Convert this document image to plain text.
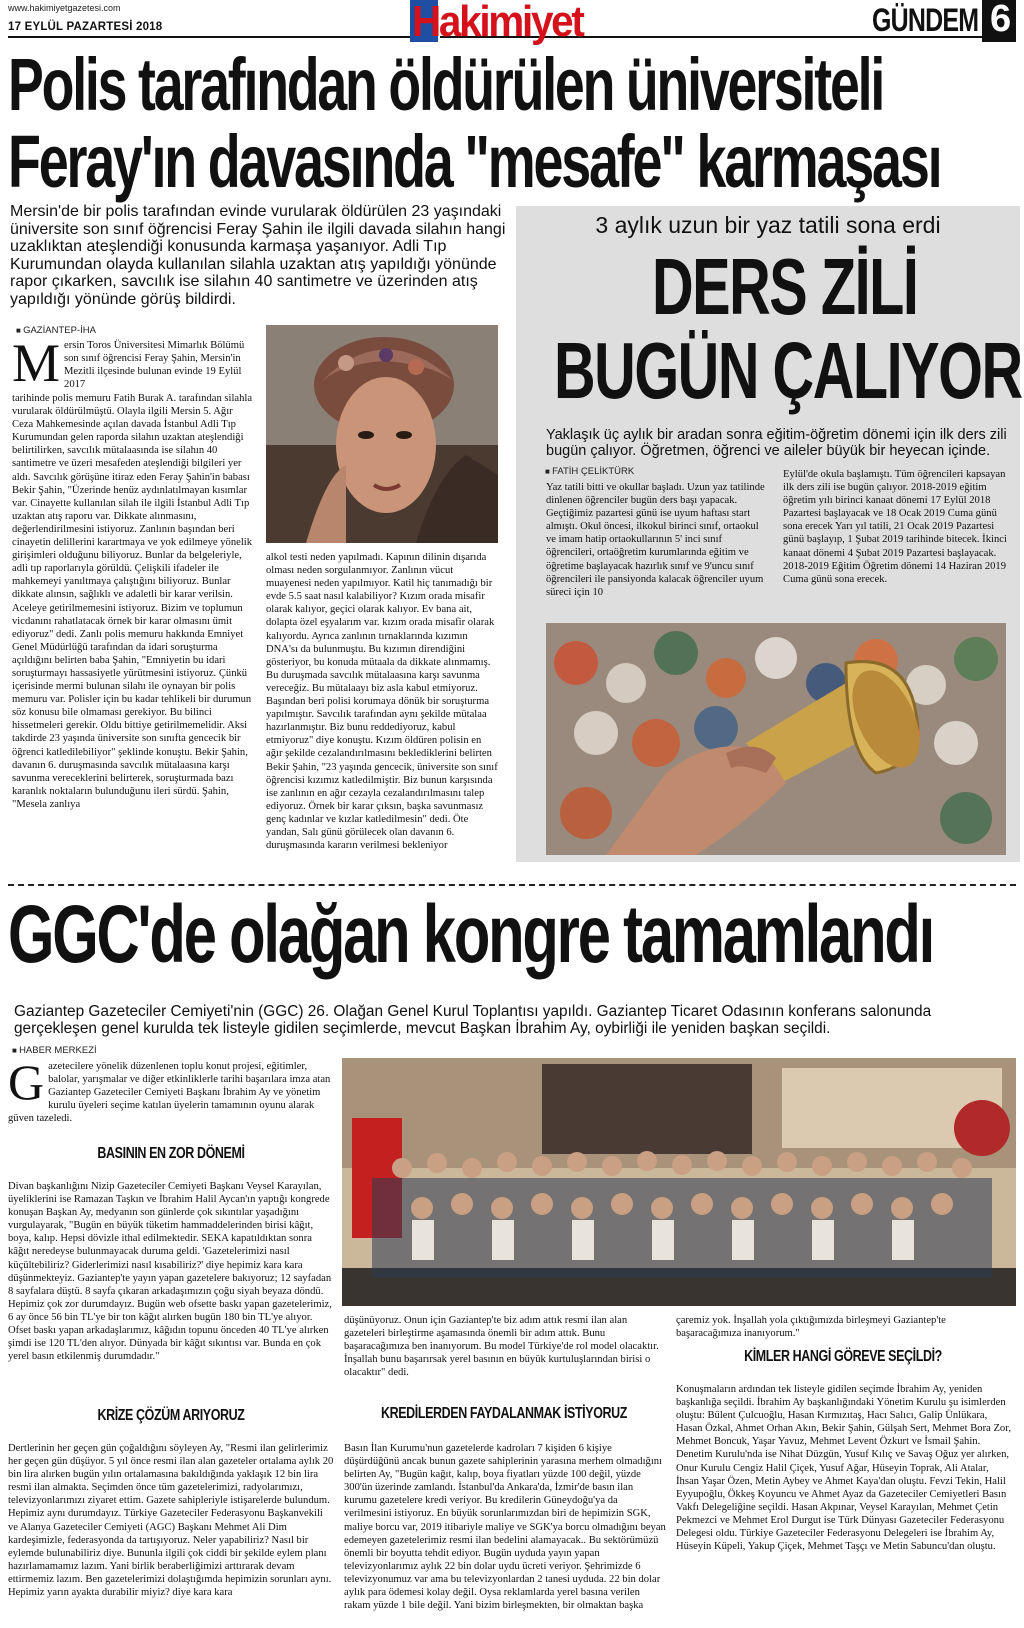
www.hakimiyetgazetesi.com
17 EYLÜL PAZARTESİ 2018	Hakimiyet	GÜNDEM 6
Polis tarafından öldürülen üniversiteli
Feray'ın davasında "mesafe" karmaşası
Mersin'de bir polis tarafından evinde vurularak öldürülen 23 yaşındaki üniversite son sınıf öğrencisi Feray Şahin ile ilgili davada silahın hangi uzaklıktan ateşlendiği konusunda karmaşa yaşanıyor. Adli Tıp Kurumundan olayda kullanılan silahla uzaktan atış yapıldığı yönünde rapor çıkarken, savcılık ise silahın 40 santimetre ve üzerinden atış yapıldığı yönünde görüş bildirdi.
■ GAZİANTEP-İHA
M ersin Toros Üniversitesi Mimarlık Bölümü son sınıf öğrencisi Feray Şahin, Mersin'in Mezitli ilçesinde bulunan evinde 19 Eylül 2017
tarihinde polis memuru Fatih Burak A. tarafından silahla vurularak öldürülmüştü. Olayla ilgili Mersin 5. Ağır Ceza Mahkemesinde açılan davada İstanbul Adli Tıp Kurumundan gelen raporda silahın uzaktan ateşlendiği belirtilirken, savcılık mütalaasında ise silahın 40 santimetre ve üzeri mesafeden ateşlendiği bilgileri yer aldı. Savcılık görüşüne itiraz eden Feray Şahin'in babası Bekir Şahin, "Üzerinde henüz aydınlatılmayan kısımlar var. Cinayette kullanılan silah ile ilgili İstanbul Adli Tıp uzaktan atış raporu var. Dikkate alınmasını, değerlendirilmesini istiyoruz. Zanlının başından beri cinayetin delillerini karartmaya ve yok edilmeye yönelik girişimleri olduğunu biliyoruz. Bunlar da belgeleriyle, adli tıp raporlarıyla görüldü. Çelişkili ifadeler ile mahkemeyi yanıltmaya çalıştığını biliyoruz. Bunlar dikkate alınsın, sağlıklı ve adaletli bir karar verilsin. Aceleye getirilmemesini istiyoruz. Bizim ve toplumun vicdanını rahatlatacak örnek bir karar olmasını ümit ediyoruz" dedi. Zanlı polis memuru hakkında Emniyet Genel Müdürlüğü tarafından da idari soruşturma açıldığını belirten baba Şahin, "Emniyetin bu idari soruşturmayı hassasiyetle yürütmesini istiyoruz. Çünkü içerisinde mermi bulunan silahı ile oynayan bir polis memuru var. Polisler için bu kadar tehlikeli bir durumun söz konusu bile olmaması gerekiyor. Bu bilinci hissetmeleri gerekir. Oldu bittiye getirilmemelidir. Aksi takdirde 23 yaşında üniversite son sınıfta gencecik bir öğrenci katledilebiliyor" şeklinde konuştu. Bekir Şahin, davanın 6. duruşmasında savcılık mütalaasına karşı savunma vereceklerini belirterek, soruşturmada bazı karanlık noktaların bulunduğunu ileri sürdü. Şahin, "Mesela zanlıya
alkol testi neden yapılmadı. Kapının dilinin dışarıda olması neden sorgulanmıyor. Zanlının vücut muayenesi neden yapılmıyor. Katil hiç tanımadığı bir evde 5.5 saat nasıl kalabiliyor? Kızım orada misafir olarak kalıyor, geçici olarak kalıyor. Ev bana ait, dolapta özel eşyalarım var. kızım orada misafir olarak kalıyordu. Ayrıca zanlının tırnaklarında kızımın DNA'sı da bulunmuştu. Bu kızımın direndiğini gösteriyor, bu konuda mütaala da dikkate alınmamış. Bu duruşmada savcılık mütalaasına karşı savunma vereceğiz. Bu mütalaayı biz asla kabul etmiyoruz. Başından beri polisi korumaya dönük bir soruşturma yapılmıştır. Savcılık tarafından aynı şekilde mütalaa hazırlanmıştır. Biz bunu reddediyoruz, kabul etmiyoruz" diye konuştu. Kızım öldüren polisin en ağır şekilde cezalandırılmasını beklediklerini belirten Bekir Şahin, "23 yaşında gencecik, üniversite son sınıf öğrencisi kızımız katledilmiştir. Biz bunun karşısında ise zanlının en ağır cezayla cezalandırılmasını talep ediyoruz. Örnek bir karar çıksın, başka savunmasız genç kadınlar ve kızlar katledilmesin" dedi. Öte yandan, Salı günü görülecek olan davanın 6. duruşmasında kararın verilmesi bekleniyor
3 aylık uzun bir yaz tatili sona erdi
DERS ZİLİ
BUGÜN ÇALIYOR
Yaklaşık üç aylık bir aradan sonra eğitim-öğretim dönemi için ilk ders zili bugün çalıyor. Öğretmen, öğrenci ve aileler büyük bir heyecan içinde.
■ FATİH ÇELİKTÜRK
Yaz tatili bitti ve okullar başladı. Uzun yaz tatilinde dinlenen öğrenciler bugün ders başı yapacak. Geçtiğimiz pazartesi günü ise uyum haftası start almıştı. Okul öncesi, ilkokul birinci sınıf, ortaokul ve imam hatip ortaokullarının 5' inci sınıf öğrencileri, ortaöğretim kurumlarında eğitim ve öğretime başlayacak hazırlık sınıf ve 9'uncu sınıf öğrencileri ile pansiyonda kalacak öğrenciler uyum süreci için 10
Eylül'de okula başlamıştı. Tüm öğrencileri kapsayan ilk ders zili ise bugün çalıyor. 2018-2019 eğitim öğretim yılı birinci kanaat dönemi 17 Eylül 2018 Pazartesi başlayacak ve 18 Ocak 2019 Cuma günü sona erecek Yarı yıl tatili, 21 Ocak 2019 Pazartesi günü başlayıp, 1 Şubat 2019 tarihinde bitecek. İkinci kanaat dönemi 4 Şubat 2019 Pazartesi başlayacak. 2018-2019 Eğitim Öğretim dönemi 14 Haziran 2019 Cuma günü sona erecek.
GGC'de olağan kongre tamamlandı
Gaziantep Gazeteciler Cemiyeti'nin (GGC) 26. Olağan Genel Kurul Toplantısı yapıldı. Gaziantep Ticaret Odasının konferans salonunda gerçekleşen genel kurulda tek listeyle gidilen seçimlerde, mevcut Başkan İbrahim Ay, oybirliği ile yeniden başkan seçildi.
■ HABER MERKEZİ
G azetecilere yönelik düzenlenen toplu konut projesi, eğitimler, balolar, yarışmalar ve diğer etkinliklerle tarihi başarılara imza atan Gaziantep Gazeteciler Cemiyeti Başkanı İbrahim Ay ve yönetim kurulu üyeleri seçime katılan üyelerin tamamının oyunu alarak güven tazeledi.
BASININ EN ZOR DÖNEMİ
Divan başkanlığını Nizip Gazeteciler Cemiyeti Başkanı Veysel Karayılan, üyeliklerini ise Ramazan Taşkın ve İbrahim Halil Aycan'ın yaptığı kongrede konuşan Başkan Ay, medyanın son günlerde çok sıkıntılar yaşadığını vurgulayarak, "Bugün en büyük tüketim hammaddelerinden birisi kâğıt, boya, kalıp. Hepsi dövizle ithal edilmektedir. SEKA kapatıldıktan sonra kâğıt neredeyse bulunmayacak duruma geldi. 'Gazetelerimizi nasıl küçültebiliriz? Giderlerimizi nasıl kısabiliriz?' diye hepimiz kara kara düşünmekteyiz. Gaziantep'te yayın yapan gazetelere bakıyoruz; 12 sayfadan 8 sayfalara düştü. 8 sayfa çıkaran arkadaşımızın çoğu siyah beyaza döndü. Hepimiz çok zor durumdayız. Bugün web ofsette baskı yapan gazetelerimiz, 6 ay önce 56 bin TL'ye bir ton kâğıt alırken bugün 180 bin TL'ye alıyor. Ofset baskı yapan arkadaşlarımız, kâğıdın topunu önceden 40 TL'ye alırken şimdi ise 120 TL'den alıyor. Dünyada bir kâğıt sıkıntısı var. Bunda en çok yerel basın etkilenmiş durumdadır."
KRİZE ÇÖZÜM ARIYORUZ
Dertlerinin her geçen gün çoğaldığını söyleyen Ay, "Resmi ilan gelirlerimiz her geçen gün düşüyor. 5 yıl önce resmi ilan alan gazeteler ortalama aylık 20 bin lira alırken bugün yılın ortalamasına bakıldığında yaklaşık 12 bin lira resmi ilan almakta. Seçimden önce tüm gazetelerimizi, radyolarımızı, televizyonlarımızı ziyaret ettim. Gazete sahipleriyle istişarelerde bulundum. Hepimiz aynı durumdayız. Türkiye Gazeteciler Federasyonu Başkanvekili ve Alanya Gazeteciler Cemiyeti (AGC) Başkanı Mehmet Ali Dim kardeşimizle, federasyonda da tartışıyoruz. Neler yapabiliriz? Nasıl bir eylemde bulunabiliriz diye. Bununla ilgili çok ciddi bir şekilde eylem planı hazırlamamamız lazım. Yani birlik beraberliğimizi arttırarak devam ettirmemiz lazım. Ben gazetelerimizi dolaştığımda hepimizin sorunları aynı. Hepimiz yarın ayakta durabilir miyiz? diye kara kara
düşünüyoruz. Onun için Gaziantep'te biz adım attık resmi ilan alan gazeteleri birleştirme aşamasında önemli bir adım attık. Bunu başaracağımıza ben inanıyorum. Bu model Türkiye'de rol model olacaktır. İnşallah bunu başarırsak yerel basının en büyük kurtuluşlarından birisi o olacaktır" dedi.
çaremiz yok. İnşallah yola çıktığımızda birleşmeyi Gaziantep'te başaracağımıza inanıyorum."
KİMLER HANGİ GÖREVE SEÇİLDİ?
Konuşmaların ardından tek listeyle gidilen seçimde İbrahim Ay, yeniden başkanlığa seçildi. İbrahim Ay başkanlığındaki Yönetim Kurulu şu isimlerden oluştu: Bülent Çulcuoğlu, Hasan Kırmızıtaş, Hacı Salıcı, Galip Ünlükara, Hasan Özkal, Ahmet Orhan Akın, Bekir Şahin, Gülşah Sert, Mehmet Bora Zor, Mehmet Boncuk, Yaşar Yavuz, Mehmet Levent Özkurt ve İsmail Şahin. Denetim Kurulu'nda ise Nihat Düzgün, Yusuf Kılıç ve Savaş Oğuz yer alırken, Onur Kurulu Cengiz Halil Çiçek, Yusuf Ağar, Hüseyin Toprak, Ali Atalar, İhsan Yaşar Özen, Metin Aybey ve Ahmet Kaya'dan oluştu. Fevzi Tekin, Halil Eyyupoğlu, Ökkeş Koyuncu ve Ahmet Ayaz da Gazeteciler Cemiyetleri Basın Vakfı Delegeliğine seçildi. Hasan Akpınar, Veysel Karayılan, Mehmet Çetin Pekmezci ve Mehmet Erol Durgut ise Türk Dünyası Gazeteciler Federasyonu Delegesi oldu. Türkiye Gazeteciler Federasyonu Delegeleri ise İbrahim Ay, Hüseyin Küpeli, Yakup Çiçek, Mehmet Taşçı ve Metin Sabuncu'dan oluştu.
KREDİLERDEN FAYDALANMAK İSTİYORUZ
Basın İlan Kurumu'nun gazetelerde kadroları 7 kişiden 6 kişiye düşürdüğünü ancak bunun gazete sahiplerinin yarasına merhem olmadığını belirten Ay, "Bugün kağıt, kalıp, boya fiyatları yüzde 100 değil, yüzde 300'ün üzerinde zamlandı. İstanbul'da Ankara'da, İzmir'de basın ilan kurumu gazetelere kredi veriyor. Bu kredilerin Güneydoğu'ya da verilmesini istiyoruz. En büyük sorunlarımızdan biri de hepimizin SGK, maliye borcu var, 2019 itibariyle maliye ve SGK'ya borcu olmadığını beyan edemeyen gazetelerimiz resmi ilan bedelini alamayacak.. Bu sektörümüzü önemli bir boyutta tehdit ediyor. Bugün uyduda yayın yapan televizyonlarımız aylık 22 bin dolar uydu ücreti veriyor. Şehrimizde 6 televizyonumuz var ama bu televizyonlardan 2 tanesi uyduda. 22 bin dolar aylık para ödemesi kolay değil. Oysa reklamlarda yerel basına verilen rakam yüzde 1 bile değil. Yani bizim birleşmekten, bir olmaktan başka
